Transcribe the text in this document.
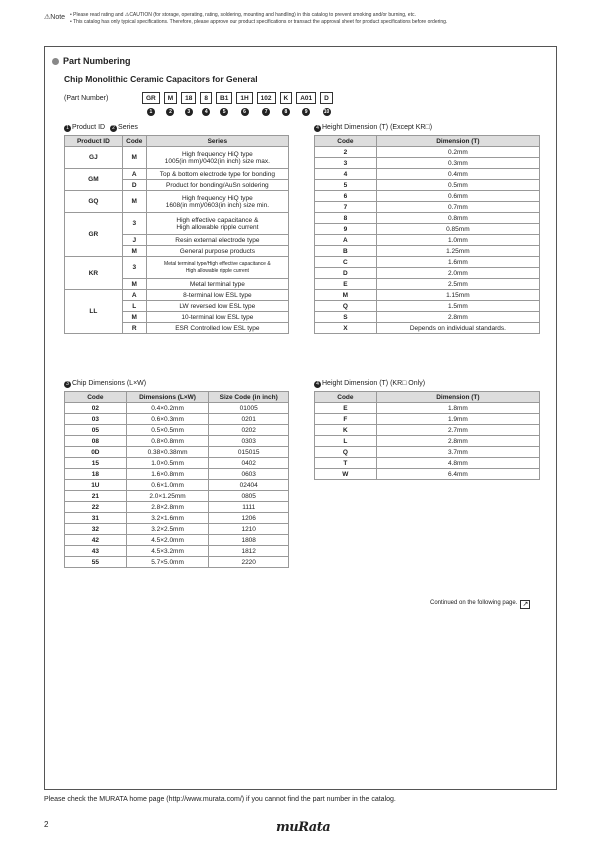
⚠Note • Please read rating and ⚠CAUTION (for storage, operating, rating, soldering, mounting and handling) in this catalog to prevent smoking and/or burning, etc.
• This catalog has only typical specifications. Therefore, please approve our product specifications or transact the approval sheet for product specifications before ordering.
Part Numbering
Chip Monolithic Ceramic Capacitors for General
(Part Number)	GR
1
M
2
18
3
8
4
B1
5
1H
6
102
7
K
8
A01
9
D
10
1 Product ID 2 Series
Product ID	Code	Series
GJ	M	High frequency HiQ type
1005(in mm)/0402(in inch) size max.

GM	A	Top & bottom electrode type for bonding
	D	Product for bonding/AuSn soldering
GQ	M	High frequency HiQ type
1608(in mm)/0603(in inch) size min.

GR	3	High effective capacitance &
High allowable ripple current

	J	Resin external electrode type
	M	General purpose products
KR	3	Metal terminal type/High effective capacitance &
High allowable ripple current

	M	Metal terminal type
LL	A	8-terminal low ESL type
	L	LW reversed low ESL type
	M	10-terminal low ESL type
	R	ESR Controlled low ESL type
4 Height Dimension (T) (Except KR□)
Code	Dimension (T)
2	0.2mm
3	0.3mm
4	0.4mm
5	0.5mm
6	0.6mm
7	0.7mm
8	0.8mm
9	0.85mm
A	1.0mm
B	1.25mm
C	1.6mm
D	2.0mm
E	2.5mm
M	1.15mm
Q	1.5mm
S	2.8mm
X	Depends on individual standards.
3 Chip Dimensions (L×W)
Code	Dimensions (L×W)	Size Code (in inch)
02	0.4×0.2mm	01005
03	0.6×0.3mm	0201
05	0.5×0.5mm	0202
08	0.8×0.8mm	0303
0D	0.38×0.38mm	015015
15	1.0×0.5mm	0402
18	1.6×0.8mm	0603
1U	0.6×1.0mm	02404
21	2.0×1.25mm	0805
22	2.8×2.8mm	1111
31	3.2×1.6mm	1206
32	3.2×2.5mm	1210
42	4.5×2.0mm	1808
43	4.5×3.2mm	1812
55	5.7×5.0mm	2220
4 Height Dimension (T) (KR□ Only)
Code	Dimension (T)
E	1.8mm
F	1.9mm
K	2.7mm
L	2.8mm
Q	3.7mm
T	4.8mm
W	6.4mm
Continued on the following page. ↗
Please check the MURATA home page (http://www.murata.com/) if you cannot find the part number in the catalog.
2	muRata
